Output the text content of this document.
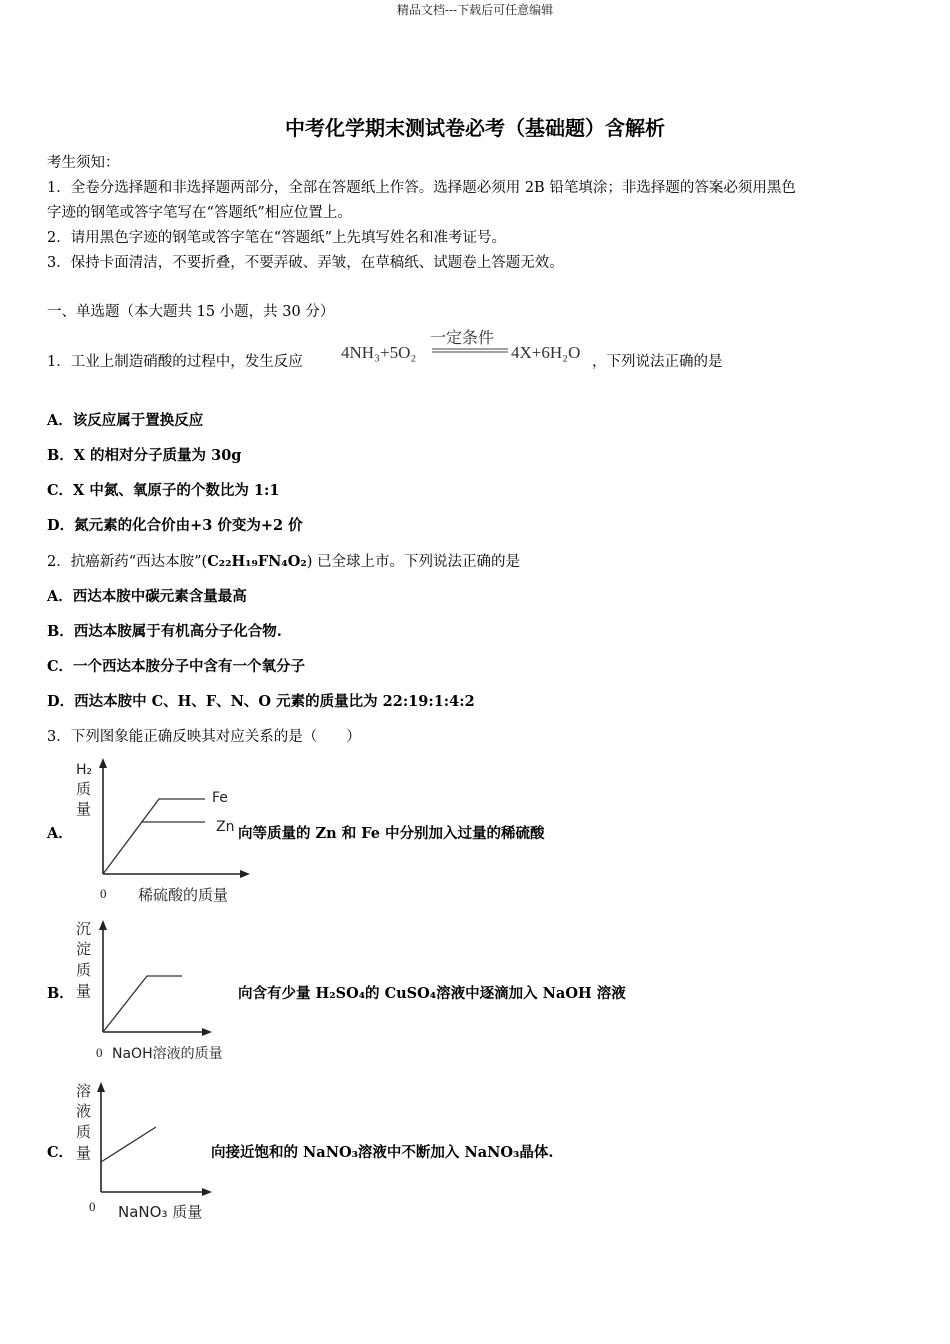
精品文档---下载后可任意编辑
中考化学期末测试卷必考（基础题）含解析
考生须知：
1．全卷分选择题和非选择题两部分，全部在答题纸上作答。选择题必须用 2B 铅笔填涂；非选择题的答案必须用黑色
字迹的钢笔或答字笔写在“答题纸”相应位置上。
2．请用黑色字迹的钢笔或答字笔在“答题纸”上先填写姓名和准考证号。
3．保持卡面清洁，不要折叠，不要弄破、弄皱，在草稿纸、试题卷上答题无效。
一、单选题（本大题共 15 小题，共 30 分）
1．工业上制造硝酸的过程中，发生反应 4NH₃+5O₂
一定条件
4X+6H₂O ，下列说法正确的是
A．该反应属于置换反应
B．X 的相对分子质量为 30g
C．X 中氮、氧原子的个数比为 1:1
D．氮元素的化合价由+3 价变为+2 价
2．抗癌新药“西达本胺”(C₂₂H₁₉FN₄O₂) 已全球上市。下列说法正确的是
A．西达本胺中碳元素含量最高
B．西达本胺属于有机高分子化合物.
C．一个西达本胺分子中含有一个氧分子
D．西达本胺中 C、H、F、N、O 元素的质量比为 22:19:1:4:2
3．下列图象能正确反映其对应关系的是（　　）
A．
H₂
质
量
Fe
Zn
0 稀硫酸的质量
向等质量的 Zn 和 Fe 中分别加入过量的稀硫酸
B．
沉
淀
质
量
0 NaOH溶液的质量
向含有少量 H₂SO₄的 CuSO₄溶液中逐滴加入 NaOH 溶液
C．
溶
液
质
量
0 NaNO₃ 质量
向接近饱和的 NaNO₃溶液中不断加入 NaNO₃晶体.
